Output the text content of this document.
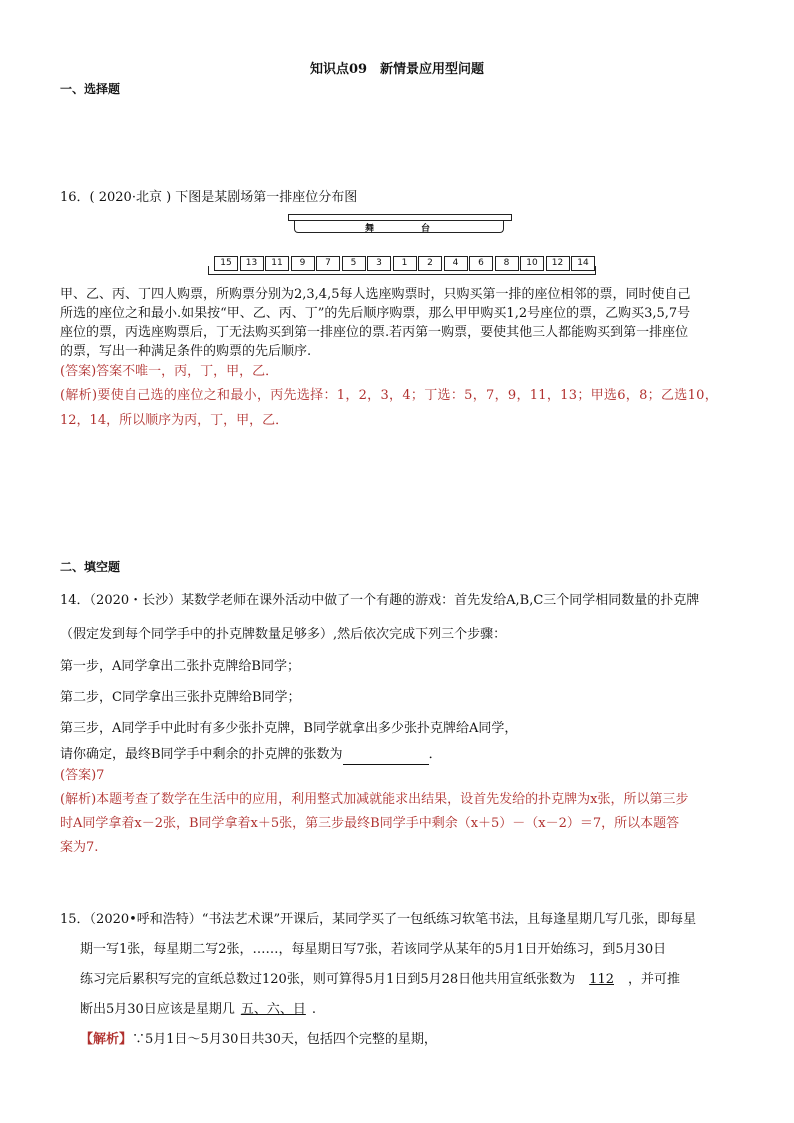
知识点09　新情景应用型问题
一、选择题
16．( 2020·北京 ) 下图是某剧场第一排座位分布图
舞	台
15	13	11	9	7	5	3	1	2	4	6	8	10	12	14
甲、乙、丙、丁四人购票，所购票分别为2,3,4,5每人选座购票时，只购买第一排的座位相邻的票，同时使自己
所选的座位之和最小.如果按“甲、乙、丙、丁”的先后顺序购票，那么甲甲购买1,2号座位的票，乙购买3,5,7号
座位的票，丙选座购票后，丁无法购买到第一排座位的票.若丙第一购票，要使其他三人都能购买到第一排座位
的票，写出一种满足条件的购票的先后顺序.
(答案)答案不唯一，丙，丁，甲，乙．
(解析)要使自己选的座位之和最小，丙先选择：1，2，3，4；丁选：5，7，9，11，13；甲选6，8；乙选10，
12，14，所以顺序为丙，丁，甲，乙．
二、填空题
14．（2020・长沙）某数学老师在课外活动中做了一个有趣的游戏：首先发给A,B,C三个同学相同数量的扑克牌
（假定发到每个同学手中的扑克牌数量足够多）,然后依次完成下列三个步骤：
第一步，A同学拿出二张扑克牌给B同学；
第二步，C同学拿出三张扑克牌给B同学；
第三步，A同学手中此时有多少张扑克牌，B同学就拿出多少张扑克牌给A同学，
请你确定，最终B同学手中剩余的扑克牌的张数为	．
(答案)7
(解析)本题考查了数学在生活中的应用，利用整式加减就能求出结果，设首先发给的扑克牌为x张，所以第三步
时A同学拿着x－2张，B同学拿着x＋5张，第三步最终B同学手中剩余（x＋5）－（x－2）＝7，所以本题答
案为7.
15．（2020•呼和浩特）“书法艺术课”开课后，某同学买了一包纸练习软笔书法，且每逢星期几写几张，即每星
期一写1张，每星期二写2张，……，每星期日写7张，若该同学从某年的5月1日开始练习，到5月30日
练习完后累积写完的宣纸总数过120张，则可算得5月1日到5月28日他共用宣纸张数为 112 ，并可推
断出5月30日应该是星期几 五、六、日 .
【解析】∵5月1日～5月30日共30天，包括四个完整的星期，
